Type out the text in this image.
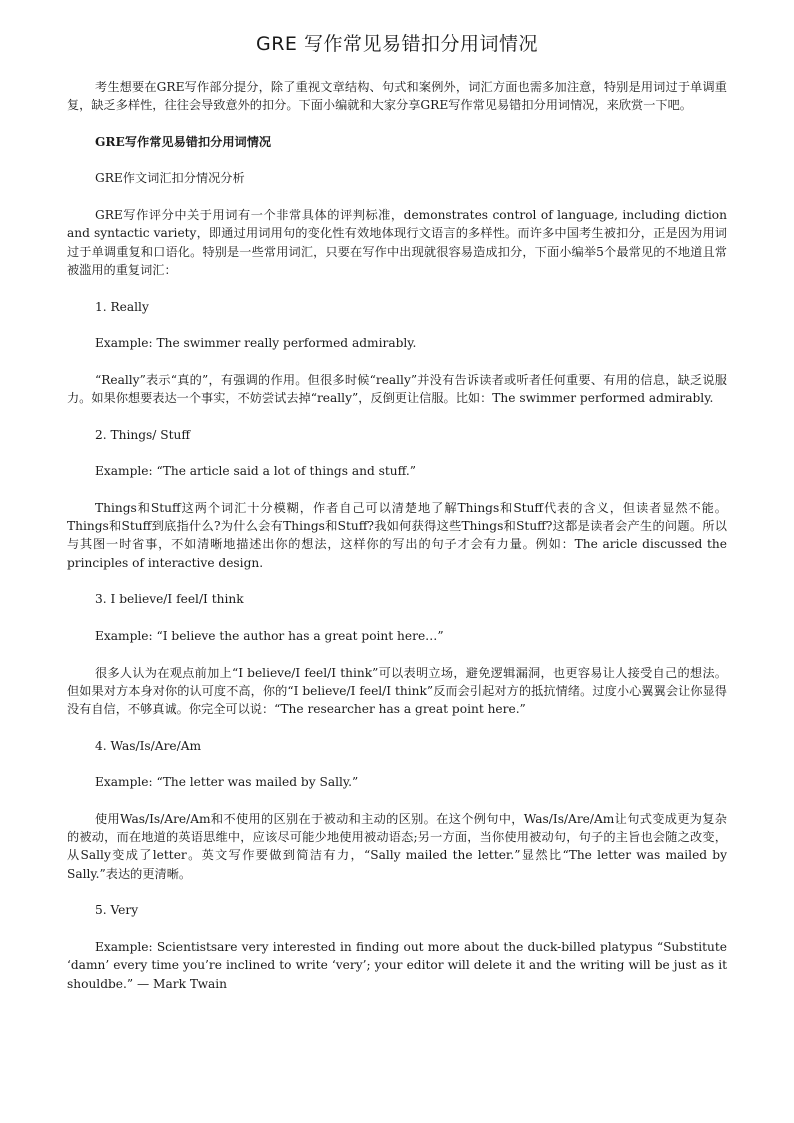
GRE 写作常见易错扣分用词情况

考生想要在GRE写作部分提分，除了重视文章结构、句式和案例外，词汇方面也需多加注意，特别是用词过于单调重复，缺乏多样性，往往会导致意外的扣分。下面小编就和大家分享GRE写作常见易错扣分用词情况，来欣赏一下吧。

GRE写作常见易错扣分用词情况

GRE作文词汇扣分情况分析

GRE写作评分中关于用词有一个非常具体的评判标准，demonstrates control of language, including diction and syntactic variety，即通过用词用句的变化性有效地体现行文语言的多样性。而许多中国考生被扣分，正是因为用词过于单调重复和口语化。特别是一些常用词汇，只要在写作中出现就很容易造成扣分，下面小编举5个最常见的不地道且常被滥用的重复词汇：

1. Really

Example: The swimmer really performed admirably.

“Really”表示“真的”，有强调的作用。但很多时候“really”并没有告诉读者或听者任何重要、有用的信息，缺乏说服力。如果你想要表达一个事实，不妨尝试去掉“really”，反倒更让信服。比如：The swimmer performed admirably.

2. Things/ Stuff

Example: “The article said a lot of things and stuff.”

Things和Stuff这两个词汇十分模糊，作者自己可以清楚地了解Things和Stuff代表的含义，但读者显然不能。Things和Stuff到底指什么?为什么会有Things和Stuff?我如何获得这些Things和Stuff?这都是读者会产生的问题。所以与其图一时省事，不如清晰地描述出你的想法，这样你的写出的句子才会有力量。例如：The aricle discussed the principles of interactive design.

3. I believe/I feel/I think

Example: “I believe the author has a great point here…”

很多人认为在观点前加上“I believe/I feel/I think”可以表明立场，避免逻辑漏洞，也更容易让人接受自己的想法。但如果对方本身对你的认可度不高，你的“I believe/I feel/I think”反而会引起对方的抵抗情绪。过度小心翼翼会让你显得没有自信，不够真诚。你完全可以说：“The researcher has a great point here.”

4. Was/Is/Are/Am

Example: “The letter was mailed by Sally.”

使用Was/Is/Are/Am和不使用的区别在于被动和主动的区别。在这个例句中，Was/Is/Are/Am让句式变成更为复杂的被动，而在地道的英语思维中，应该尽可能少地使用被动语态;另一方面，当你使用被动句，句子的主旨也会随之改变，从Sally变成了letter。英文写作要做到简洁有力，“Sally mailed the letter.”显然比“The letter was mailed by Sally.”表达的更清晰。

5. Very

Example: Scientistsare very interested in finding out more about the duck-billed platypus “Substitute ‘damn’ every time you’re inclined to write ‘very’; your editor will delete it and the writing will be just as it shouldbe.” — Mark Twain
